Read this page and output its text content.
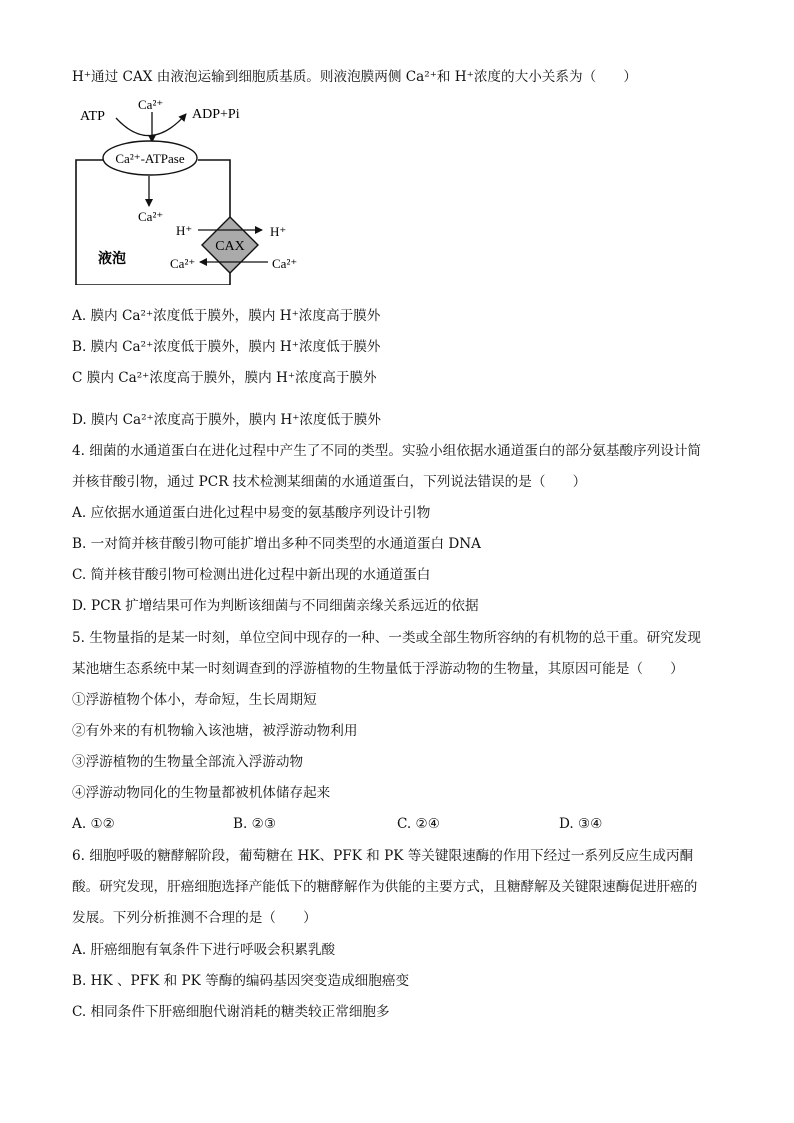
H⁺通过 CAX 由液泡运输到细胞质基质。则液泡膜两侧 Ca²⁺和 H⁺浓度的大小关系为（　　）
ATP
Ca²⁺
ADP+Pi
Ca²⁺-ATPase
Ca²⁺
H⁺	H⁺
CAX
液泡	Ca²⁺	Ca²⁺
A. 膜内 Ca²⁺浓度低于膜外，膜内 H⁺浓度高于膜外
B. 膜内 Ca²⁺浓度低于膜外，膜内 H⁺浓度低于膜外
C 膜内 Ca²⁺浓度高于膜外，膜内 H⁺浓度高于膜外
D. 膜内 Ca²⁺浓度高于膜外，膜内 H⁺浓度低于膜外
4. 细菌的水通道蛋白在进化过程中产生了不同的类型。实验小组依据水通道蛋白的部分氨基酸序列设计简
并核苷酸引物，通过 PCR 技术检测某细菌的水通道蛋白，下列说法错误的是（　　）
A. 应依据水通道蛋白进化过程中易变的氨基酸序列设计引物
B. 一对简并核苷酸引物可能扩增出多种不同类型的水通道蛋白 DNA
C. 简并核苷酸引物可检测出进化过程中新出现的水通道蛋白
D. PCR 扩增结果可作为判断该细菌与不同细菌亲缘关系远近的依据
5. 生物量指的是某一时刻，单位空间中现存的一种、一类或全部生物所容纳的有机物的总干重。研究发现
某池塘生态系统中某一时刻调查到的浮游植物的生物量低于浮游动物的生物量，其原因可能是（　　）
①浮游植物个体小，寿命短，生长周期短
②有外来的有机物输入该池塘，被浮游动物利用
③浮游植物的生物量全部流入浮游动物
④浮游动物同化的生物量都被机体储存起来
A. ①②	B. ②③	C. ②④	D. ③④
6. 细胞呼吸的糖酵解阶段，葡萄糖在 HK、PFK 和 PK 等关键限速酶的作用下经过一系列反应生成丙酮
酸。研究发现，肝癌细胞选择产能低下的糖酵解作为供能的主要方式，且糖酵解及关键限速酶促进肝癌的
发展。下列分析推测不合理的是（　　）
A. 肝癌细胞有氧条件下进行呼吸会积累乳酸
B. HK 、PFK 和 PK 等酶的编码基因突变造成细胞癌变
C. 相同条件下肝癌细胞代谢消耗的糖类较正常细胞多
